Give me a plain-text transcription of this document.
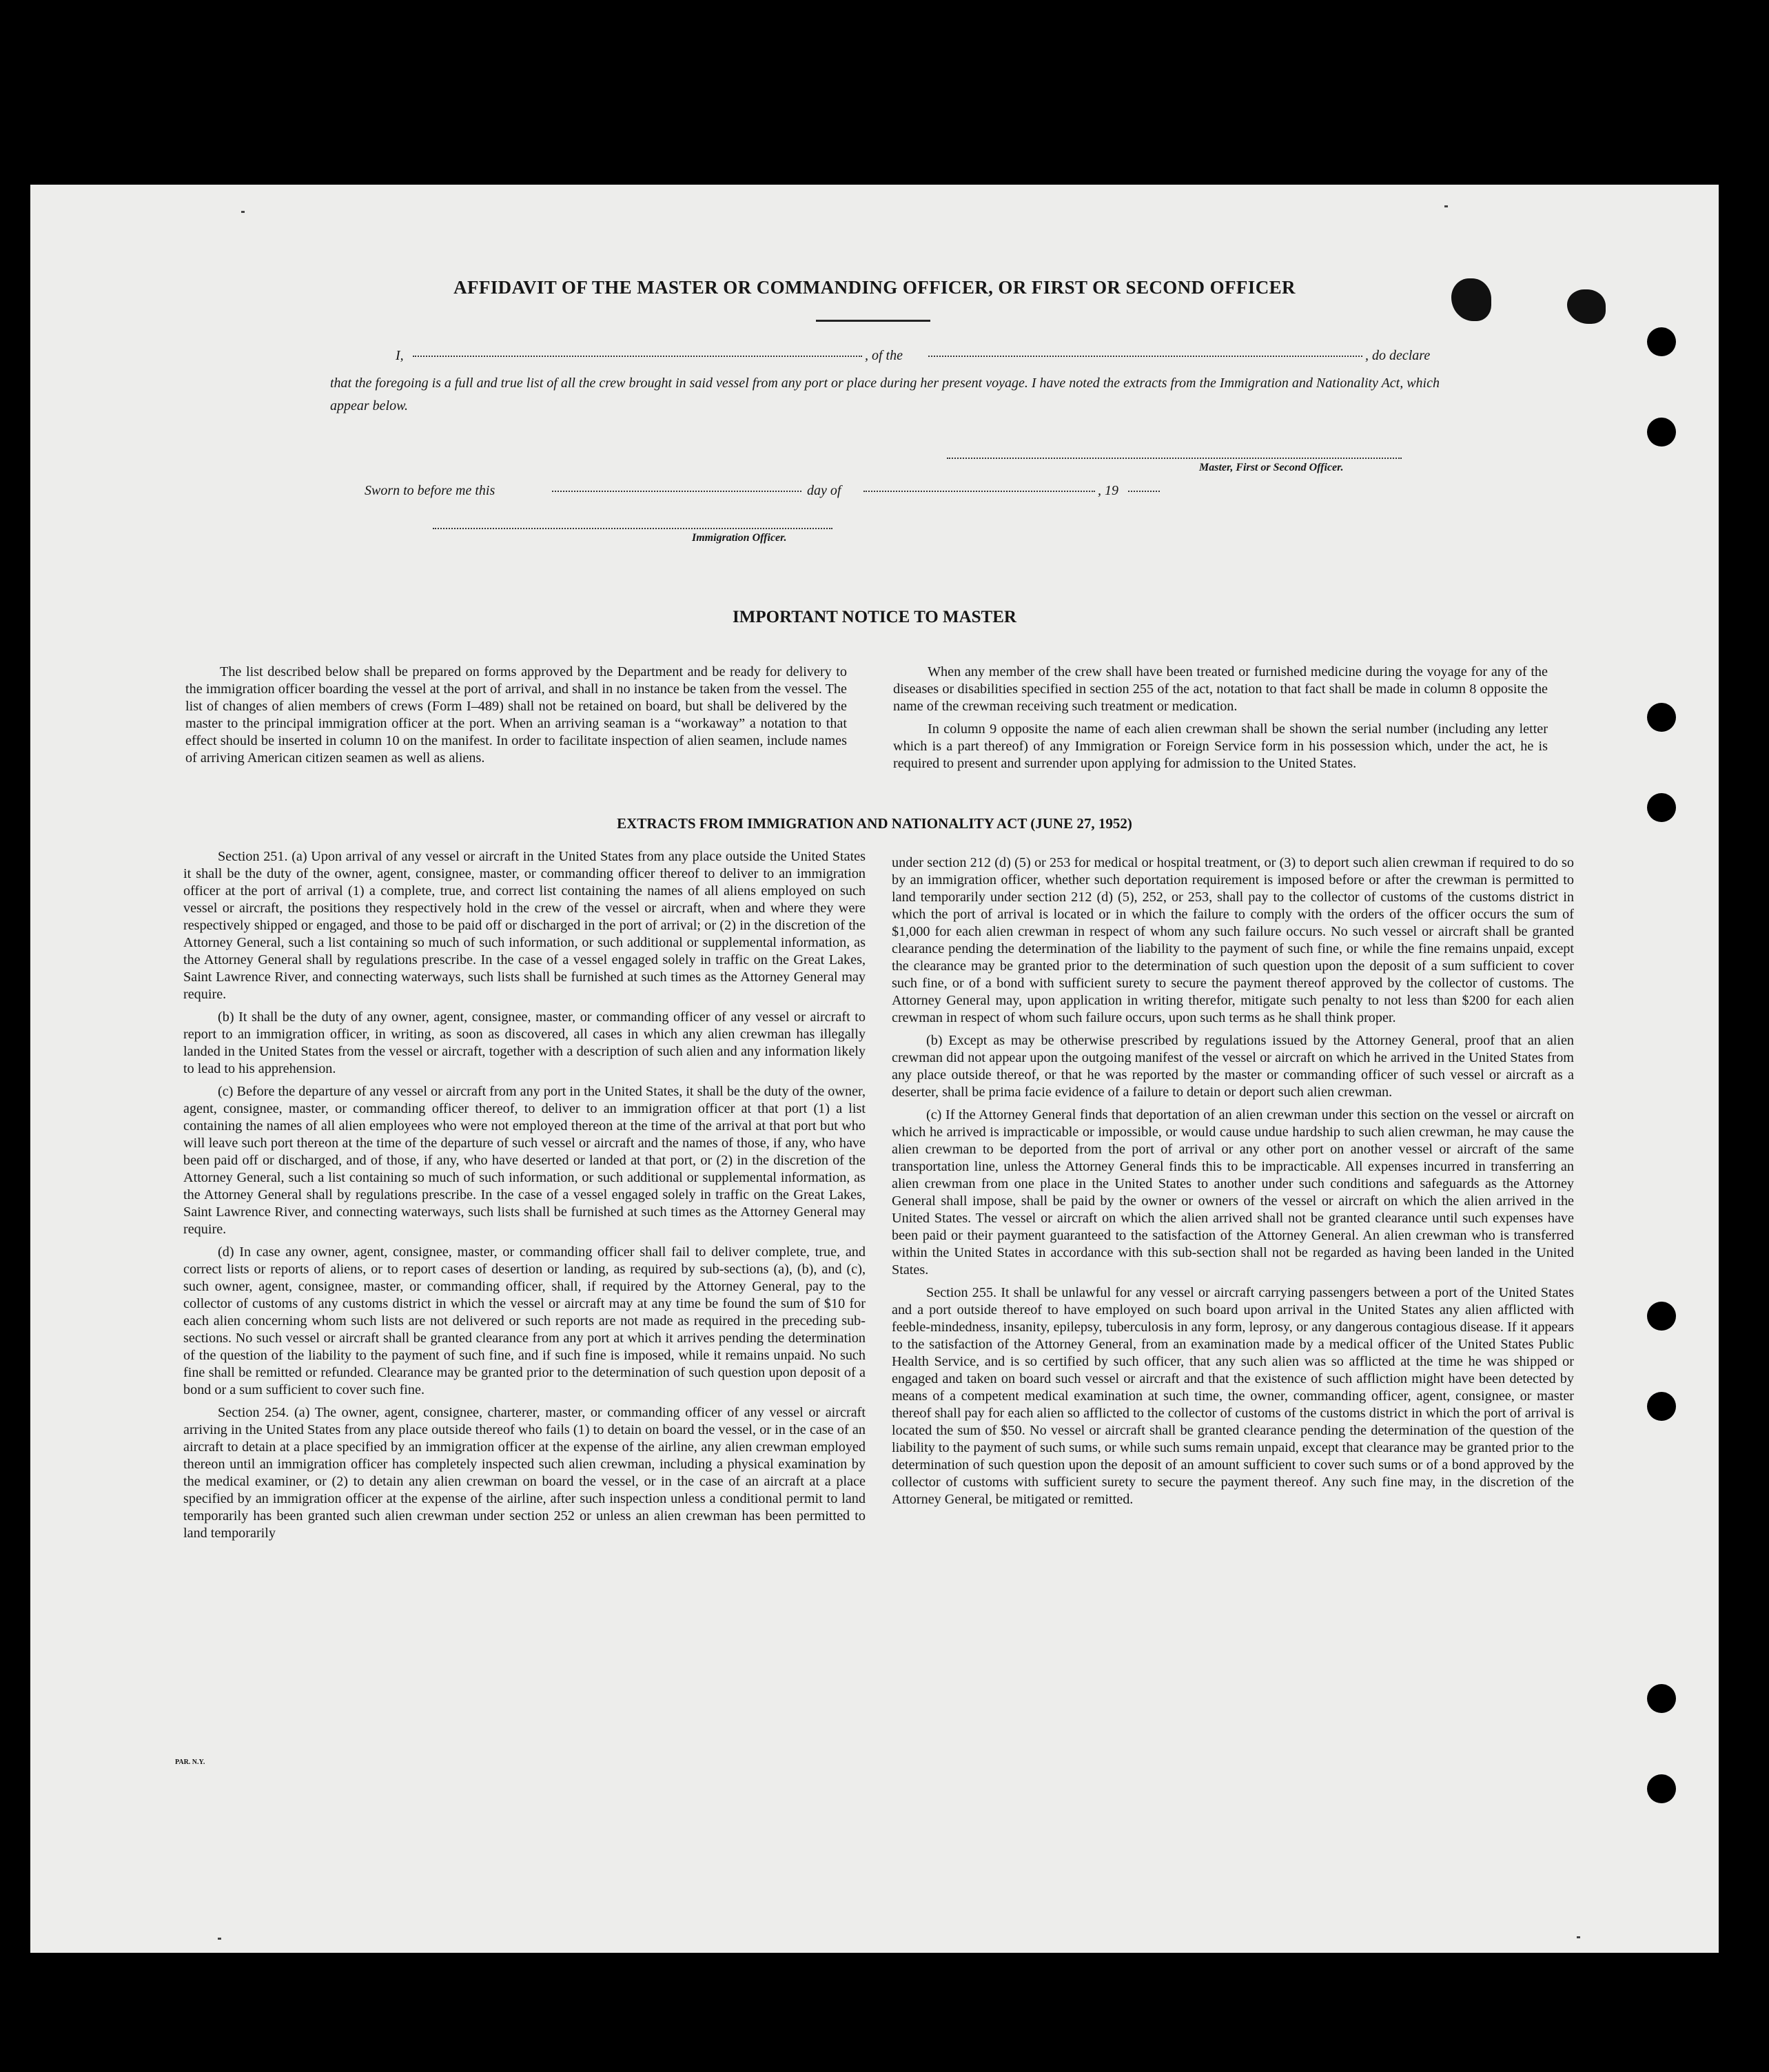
AFFIDAVIT OF THE MASTER OR COMMANDING OFFICER, OR FIRST OR SECOND OFFICER
I,	, of the	, do declare
that the foregoing is a full and true list of all the crew brought in said vessel from any port or place during her present voyage. I have noted the extracts from the Immigration and Nationality Act, which appear below.
Master, First or Second Officer.
Sworn to before me this	day of	, 19
Immigration Officer.
IMPORTANT NOTICE TO MASTER

The list described below shall be prepared on forms approved by the Department and be ready for delivery to the immigration officer boarding the vessel at the port of arrival, and shall in no instance be taken from the vessel. The list of changes of alien members of crews (Form I–489) shall not be retained on board, but shall be delivered by the master to the principal immigration officer at the port. When an arriving seaman is a “workaway” a notation to that effect should be inserted in column 10 on the manifest. In order to facilitate inspection of alien seamen, include names of arriving American citizen seamen as well as aliens.

When any member of the crew shall have been treated or furnished medicine during the voyage for any of the diseases or disabilities specified in section 255 of the act, notation to that fact shall be made in column 8 opposite the name of the crewman receiving such treatment or medication.

In column 9 opposite the name of each alien crewman shall be shown the serial number (including any letter which is a part thereof) of any Immigration or Foreign Service form in his possession which, under the act, he is required to present and surrender upon applying for admission to the United States.

EXTRACTS FROM IMMIGRATION AND NATIONALITY ACT (JUNE 27, 1952)

Section 251. (a) Upon arrival of any vessel or aircraft in the United States from any place outside the United States it shall be the duty of the owner, agent, consignee, master, or commanding officer thereof to deliver to an immigration officer at the port of arrival (1) a complete, true, and correct list containing the names of all aliens employed on such vessel or aircraft, the positions they respectively hold in the crew of the vessel or aircraft, when and where they were respectively shipped or engaged, and those to be paid off or discharged in the port of arrival; or (2) in the discretion of the Attorney General, such a list containing so much of such information, or such additional or supplemental information, as the Attorney General shall by regulations prescribe. In the case of a vessel engaged solely in traffic on the Great Lakes, Saint Lawrence River, and connecting waterways, such lists shall be furnished at such times as the Attorney General may require.

(b) It shall be the duty of any owner, agent, consignee, master, or commanding officer of any vessel or aircraft to report to an immigration officer, in writing, as soon as discovered, all cases in which any alien crewman has illegally landed in the United States from the vessel or aircraft, together with a description of such alien and any information likely to lead to his apprehension.

(c) Before the departure of any vessel or aircraft from any port in the United States, it shall be the duty of the owner, agent, consignee, master, or commanding officer thereof, to deliver to an immigration officer at that port (1) a list containing the names of all alien employees who were not employed thereon at the time of the arrival at that port but who will leave such port thereon at the time of the departure of such vessel or aircraft and the names of those, if any, who have been paid off or discharged, and of those, if any, who have deserted or landed at that port, or (2) in the discretion of the Attorney General, such a list containing so much of such information, or such additional or supplemental information, as the Attorney General shall by regulations prescribe. In the case of a vessel engaged solely in traffic on the Great Lakes, Saint Lawrence River, and connecting waterways, such lists shall be furnished at such times as the Attorney General may require.

(d) In case any owner, agent, consignee, master, or commanding officer shall fail to deliver complete, true, and correct lists or reports of aliens, or to report cases of desertion or landing, as required by sub-sections (a), (b), and (c), such owner, agent, consignee, master, or commanding officer, shall, if required by the Attorney General, pay to the collector of customs of any customs district in which the vessel or aircraft may at any time be found the sum of $10 for each alien concerning whom such lists are not delivered or such reports are not made as required in the preceding sub-sections. No such vessel or aircraft shall be granted clearance from any port at which it arrives pending the determination of the question of the liability to the payment of such fine, and if such fine is imposed, while it remains unpaid. No such fine shall be remitted or refunded. Clearance may be granted prior to the determination of such question upon deposit of a bond or a sum sufficient to cover such fine.

Section 254. (a) The owner, agent, consignee, charterer, master, or commanding officer of any vessel or aircraft arriving in the United States from any place outside thereof who fails (1) to detain on board the vessel, or in the case of an aircraft to detain at a place specified by an immigration officer at the expense of the airline, any alien crewman employed thereon until an immigration officer has completely inspected such alien crewman, including a physical examination by the medical examiner, or (2) to detain any alien crewman on board the vessel, or in the case of an aircraft at a place specified by an immigration officer at the expense of the airline, after such inspection unless a conditional permit to land temporarily has been granted such alien crewman under section 252 or unless an alien crewman has been permitted to land temporarily

under section 212 (d) (5) or 253 for medical or hospital treatment, or (3) to deport such alien crewman if required to do so by an immigration officer, whether such deportation requirement is imposed before or after the crewman is permitted to land temporarily under section 212 (d) (5), 252, or 253, shall pay to the collector of customs of the customs district in which the port of arrival is located or in which the failure to comply with the orders of the officer occurs the sum of $1,000 for each alien crewman in respect of whom any such failure occurs. No such vessel or aircraft shall be granted clearance pending the determination of the liability to the payment of such fine, or while the fine remains unpaid, except the clearance may be granted prior to the determination of such question upon the deposit of a sum sufficient to cover such fine, or of a bond with sufficient surety to secure the payment thereof approved by the collector of customs. The Attorney General may, upon application in writing therefor, mitigate such penalty to not less than $200 for each alien crewman in respect of whom such failure occurs, upon such terms as he shall think proper.

(b) Except as may be otherwise prescribed by regulations issued by the Attorney General, proof that an alien crewman did not appear upon the outgoing manifest of the vessel or aircraft on which he arrived in the United States from any place outside thereof, or that he was reported by the master or commanding officer of such vessel or aircraft as a deserter, shall be prima facie evidence of a failure to detain or deport such alien crewman.

(c) If the Attorney General finds that deportation of an alien crewman under this section on the vessel or aircraft on which he arrived is impracticable or impossible, or would cause undue hardship to such alien crewman, he may cause the alien crewman to be deported from the port of arrival or any other port on another vessel or aircraft of the same transportation line, unless the Attorney General finds this to be impracticable. All expenses incurred in transferring an alien crewman from one place in the United States to another under such conditions and safeguards as the Attorney General shall impose, shall be paid by the owner or owners of the vessel or aircraft on which the alien arrived in the United States. The vessel or aircraft on which the alien arrived shall not be granted clearance until such expenses have been paid or their payment guaranteed to the satisfaction of the Attorney General. An alien crewman who is transferred within the United States in accordance with this sub-section shall not be regarded as having been landed in the United States.

Section 255. It shall be unlawful for any vessel or aircraft carrying passengers between a port of the United States and a port outside thereof to have employed on such board upon arrival in the United States any alien afflicted with feeble-mindedness, insanity, epilepsy, tuberculosis in any form, leprosy, or any dangerous contagious disease. If it appears to the satisfaction of the Attorney General, from an examination made by a medical officer of the United States Public Health Service, and is so certified by such officer, that any such alien was so afflicted at the time he was shipped or engaged and taken on board such vessel or aircraft and that the existence of such affliction might have been detected by means of a competent medical examination at such time, the owner, commanding officer, agent, consignee, or master thereof shall pay for each alien so afflicted to the collector of customs of the customs district in which the port of arrival is located the sum of $50. No vessel or aircraft shall be granted clearance pending the determination of the question of the liability to the payment of such sums, or while such sums remain unpaid, except that clearance may be granted prior to the determination of such question upon the deposit of an amount sufficient to cover such sums or of a bond approved by the collector of customs with sufficient surety to secure the payment thereof. Any such fine may, in the discretion of the Attorney General, be mitigated or remitted.

PAR. N.Y.
